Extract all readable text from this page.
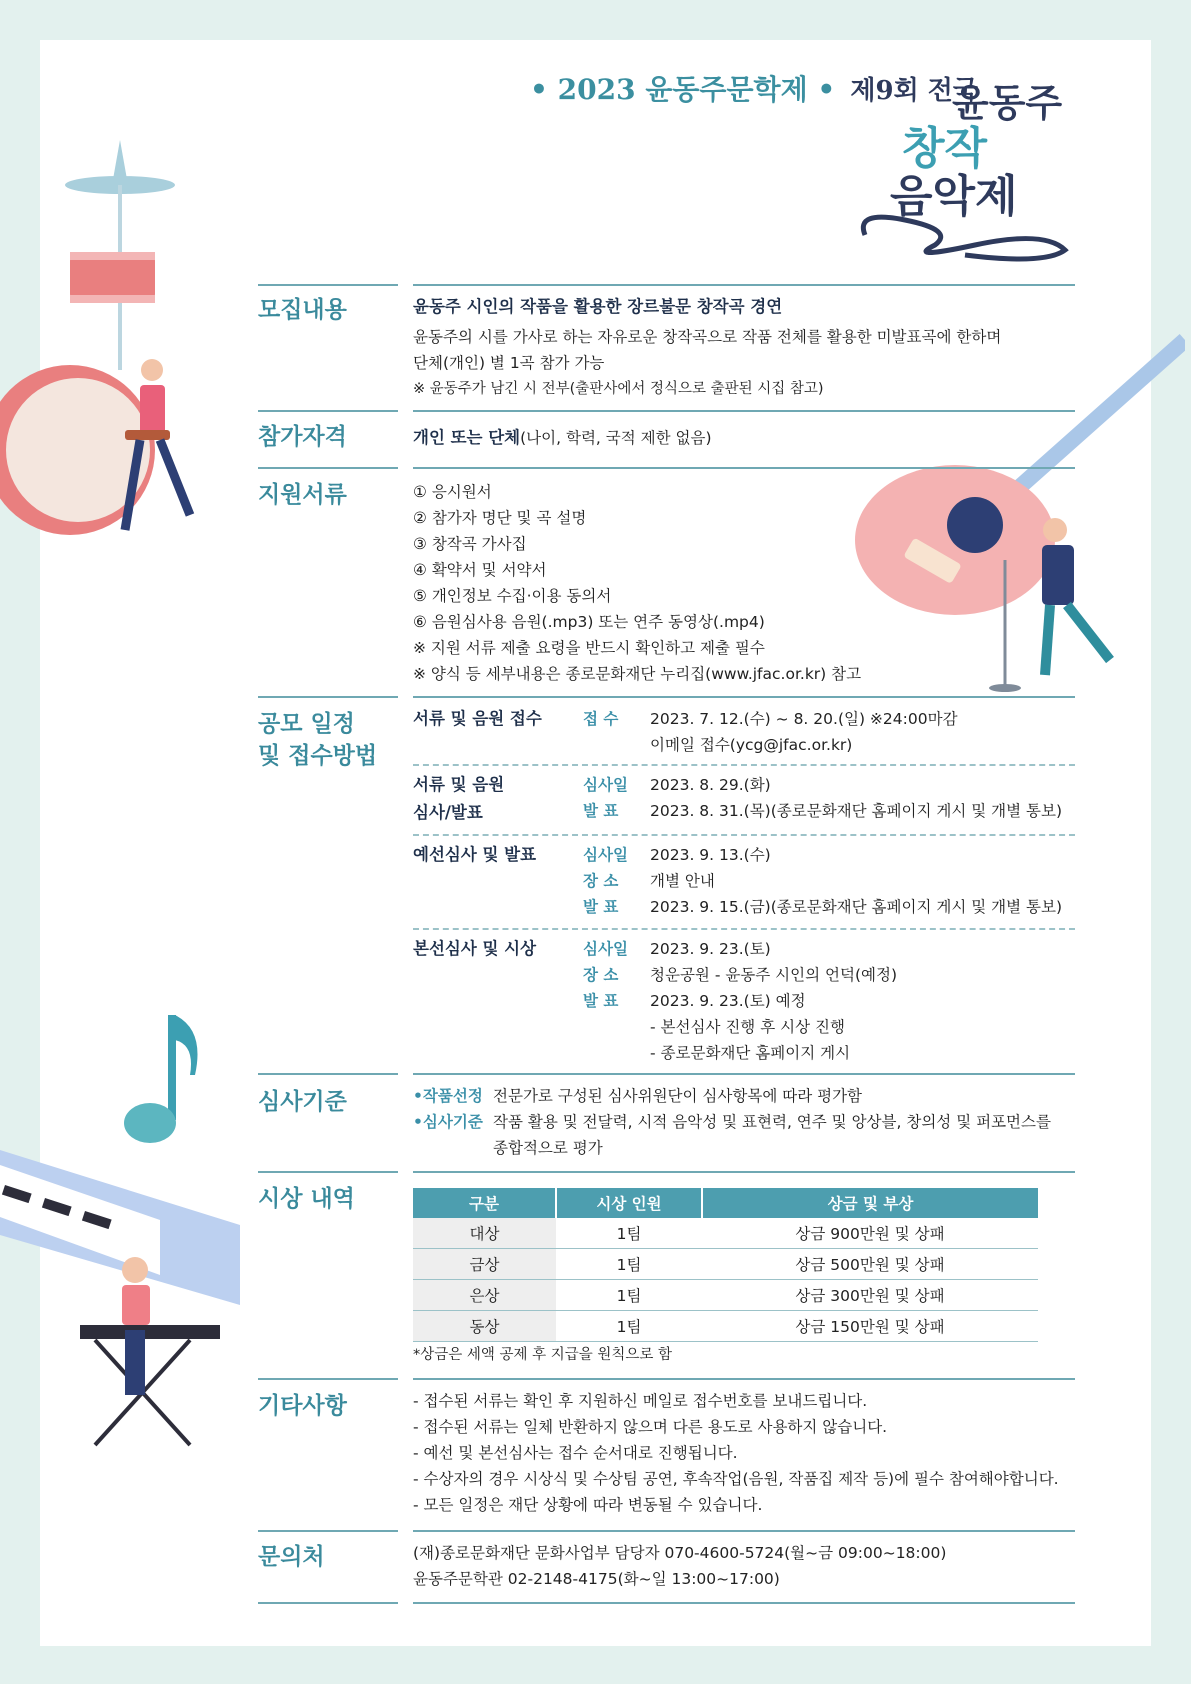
• 2023 윤동주문학제 • 제9회 전국
윤동주
창작
음악제
모집내용	윤동주 시인의 작품을 활용한 장르불문 창작곡 경연
윤동주의 시를 가사로 하는 자유로운 창작곡으로 작품 전체를 활용한 미발표곡에 한하며
단체(개인) 별 1곡 참가 가능
※ 윤동주가 남긴 시 전부(출판사에서 정식으로 출판된 시집 참고)
참가자격	개인 또는 단체(나이, 학력, 국적 제한 없음)
지원서류	① 응시원서
② 참가자 명단 및 곡 설명
③ 창작곡 가사집
④ 확약서 및 서약서
⑤ 개인정보 수집·이용 동의서
⑥ 음원심사용 음원(.mp3) 또는 연주 동영상(.mp4)
※ 지원 서류 제출 요령을 반드시 확인하고 제출 필수
※ 양식 등 세부내용은 종로문화재단 누리집(www.jfac.or.kr) 참고
공모 일정
및 접수방법
서류 및 음원 접수	접 수 2023. 7. 12.(수) ~ 8. 20.(일) ※24:00마감
이메일 접수(ycg@jfac.or.kr)
서류 및 음원
심사/발표
심사일 2023. 8. 29.(화)
발 표 2023. 8. 31.(목)(종로문화재단 홈페이지 게시 및 개별 통보)
예선심사 및 발표	심사일 2023. 9. 13.(수)
장 소 개별 안내
발 표 2023. 9. 15.(금)(종로문화재단 홈페이지 게시 및 개별 통보)
본선심사 및 시상	심사일 2023. 9. 23.(토)
장 소 청운공원 - 윤동주 시인의 언덕(예정)
발 표 2023. 9. 23.(토) 예정
- 본선심사 진행 후 시상 진행
- 종로문화재단 홈페이지 게시
심사기준	•작품선정 전문가로 구성된 심사위원단이 심사항목에 따라 평가함
•심사기준 작품 활용 및 전달력, 시적 음악성 및 표현력, 연주 및 앙상블, 창의성 및 퍼포먼스를
종합적으로 평가
시상 내역	구분	시상 인원	상금 및 부상
대상	1팀	상금 900만원 및 상패
금상	1팀	상금 500만원 및 상패
은상	1팀	상금 300만원 및 상패
동상	1팀	상금 150만원 및 상패
*상금은 세액 공제 후 지급을 원칙으로 함
기타사항	- 접수된 서류는 확인 후 지원하신 메일로 접수번호를 보내드립니다.
- 접수된 서류는 일체 반환하지 않으며 다른 용도로 사용하지 않습니다.
- 예선 및 본선심사는 접수 순서대로 진행됩니다.
- 수상자의 경우 시상식 및 수상팀 공연, 후속작업(음원, 작품집 제작 등)에 필수 참여해야합니다.
- 모든 일정은 재단 상황에 따라 변동될 수 있습니다.
문의처	(재)종로문화재단 문화사업부 담당자 070-4600-5724(월~금 09:00~18:00)
윤동주문학관 02-2148-4175(화~일 13:00~17:00)
